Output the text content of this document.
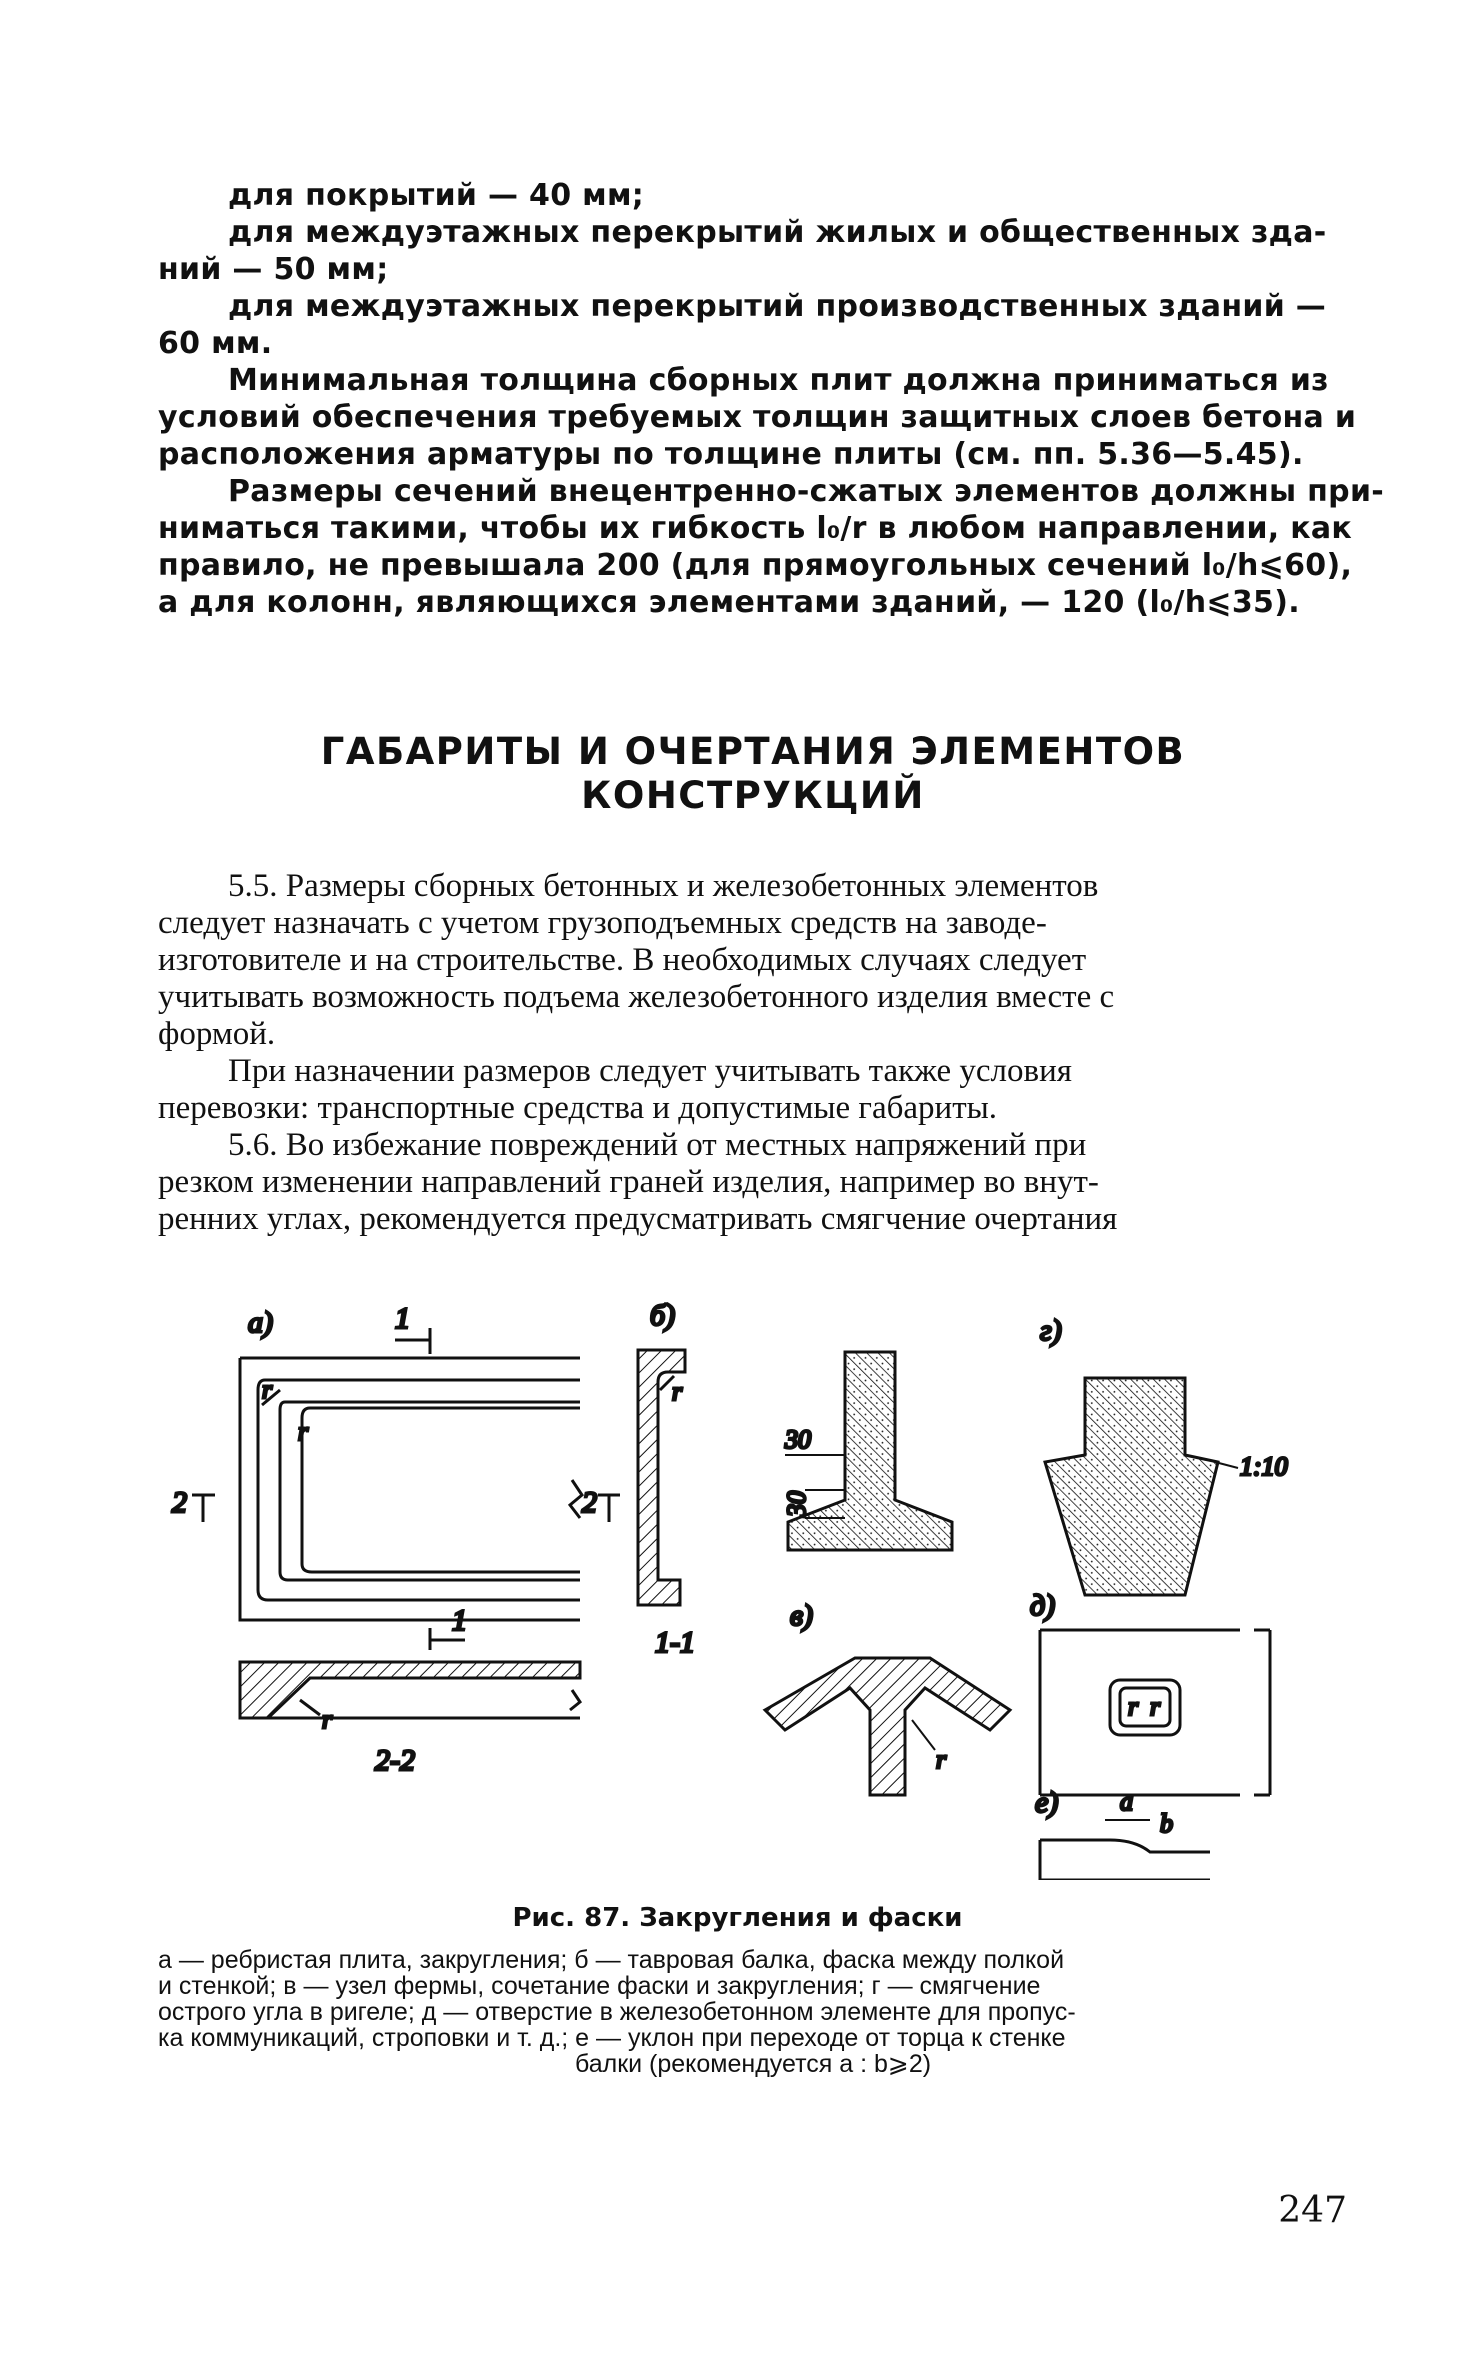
для покрытий — 40 мм;
для междуэтажных перекрытий жилых и общественных зда-
ний — 50 мм;
для междуэтажных перекрытий производственных зданий —
60 мм.
Минимальная толщина сборных плит должна приниматься из
условий обеспечения требуемых толщин защитных слоев бетона и
расположения арматуры по толщине плиты (см. пп. 5.36—5.45).
Размеры сечений внецентренно-сжатых элементов должны при-
ниматься такими, чтобы их гибкость l₀/r в любом направлении, как
правило, не превышала 200 (для прямоугольных сечений l₀/h⩽60),
а для колонн, являющихся элементами зданий, — 120 (l₀/h⩽35).
ГАБАРИТЫ И ОЧЕРТАНИЯ ЭЛЕМЕНТОВ
КОНСТРУКЦИЙ
5.5. Размеры сборных бетонных и железобетонных элементов
следует назначать с учетом грузоподъемных средств на заводе-
изготовителе и на строительстве. В необходимых случаях следует
учитывать возможность подъема железобетонного изделия вместе с
формой.
При назначении размеров следует учитывать также условия
перевозки: транспортные средства и допустимые габариты.
5.6. Во избежание повреждений от местных напряжений при
резком изменении направлений граней изделия, например во внут-
ренних углах, рекомендуется предусматривать смягчение очертания
а)	1
r
r
2	2
1
r
2-2
б)
r
1-1
30
30
г)
1:10
в)
r
д)
r r
е) a
b
Рис. 87. Закругления и фаски
а — ребристая плита, закругления; б — тавровая балка, фаска между полкой
и стенкой; в — узел фермы, сочетание фаски и закругления; г — смягчение
острого угла в ригеле; д — отверстие в железобетонном элементе для пропус-
ка коммуникаций, строповки и т. д.; е — уклон при переходе от торца к стенке
балки (рекомендуется a : b⩾2)
247
